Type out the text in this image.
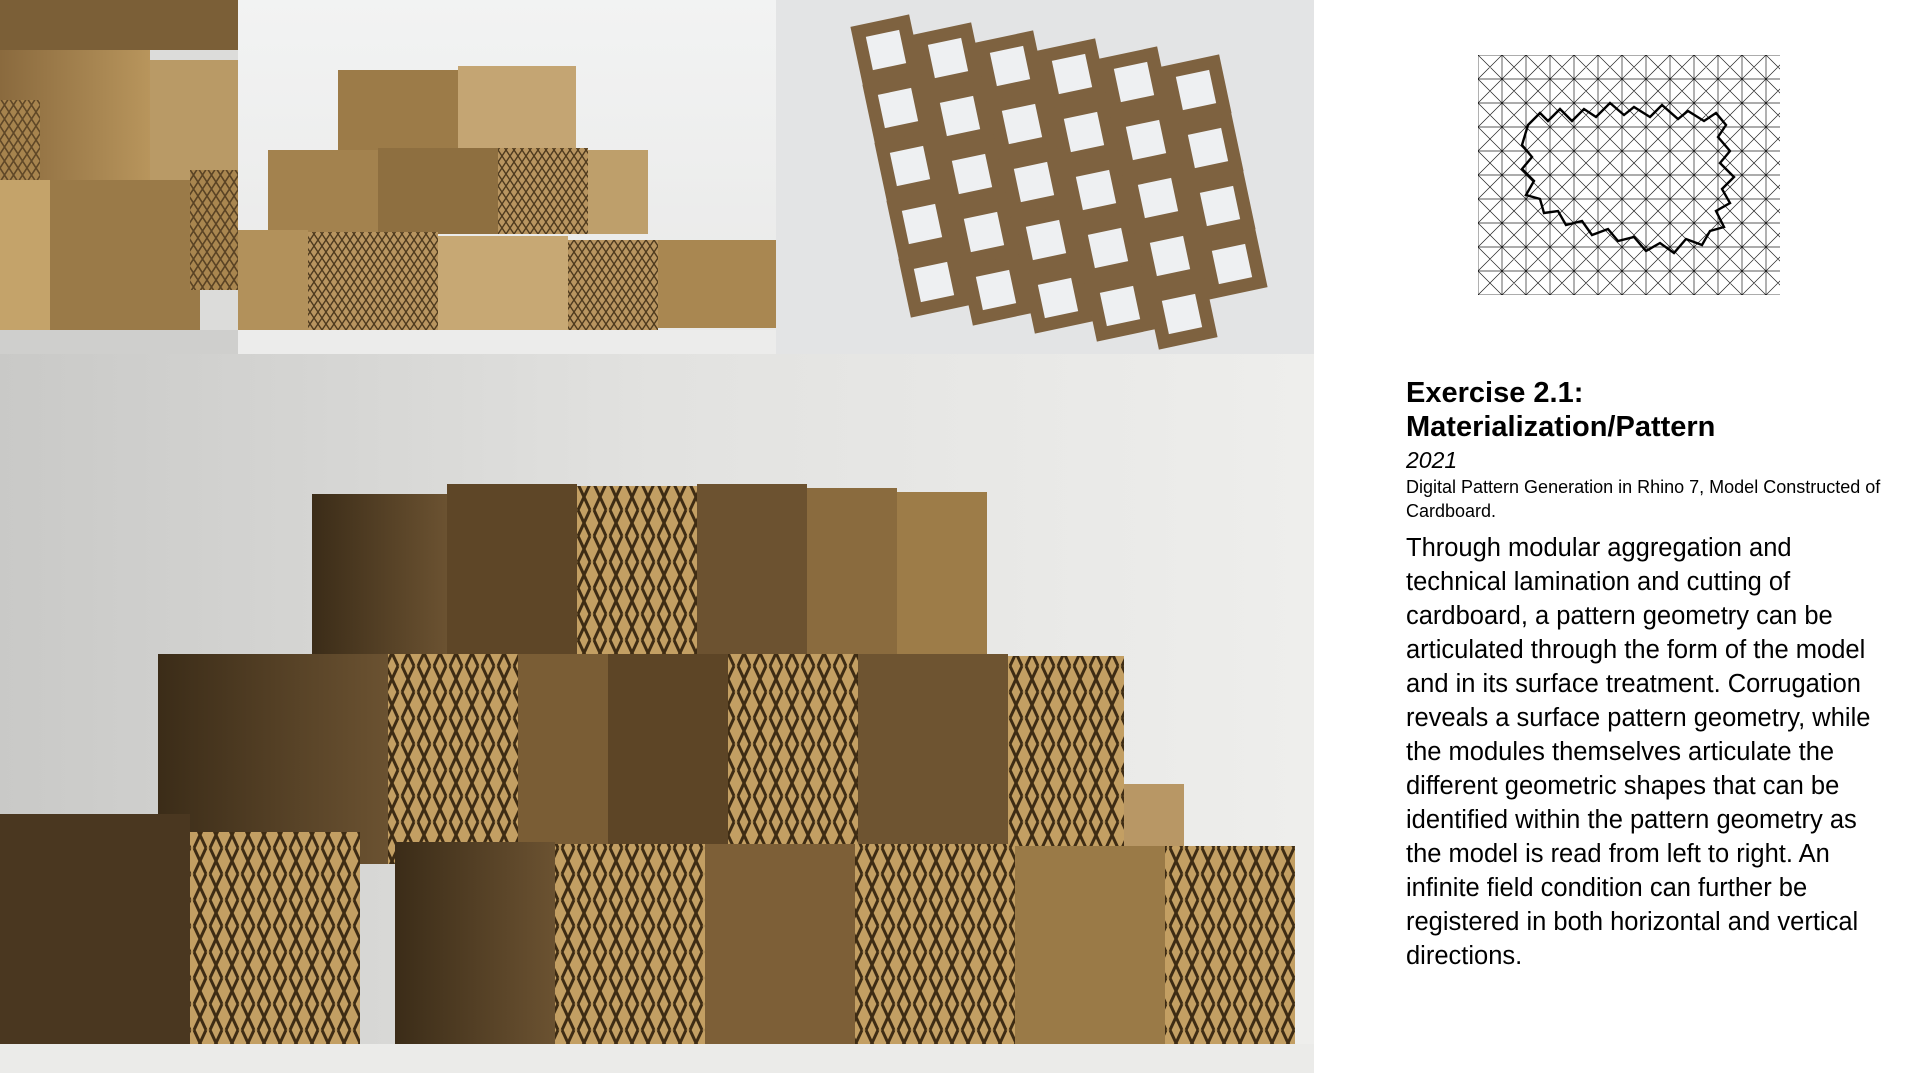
Exercise 2.1:
Materialization/Pattern
2021
Digital Pattern Generation in Rhino 7, Model Constructed of Cardboard.
Through modular aggregation and technical lamination and cutting of cardboard, a pattern geometry can be articulated through the form of the model and in its surface treatment. Corrugation reveals a surface pattern geometry, while the modules themselves articulate the different geometric shapes that can be identified within the pattern geometry as the model is read from left to right. An infinite field condition can further be registered in both horizontal and vertical directions.
